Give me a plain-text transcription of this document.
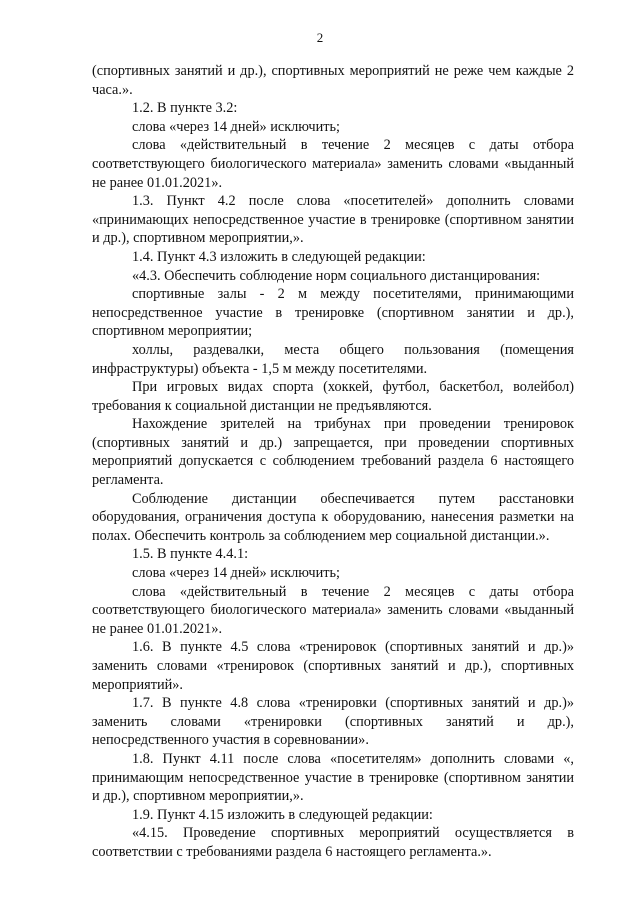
2

(спортивных занятий и др.), спортивных мероприятий не реже чем каждые 2 часа.».

1.2. В пункте 3.2:

слова «через 14 дней» исключить;

слова «действительный в течение 2 месяцев с даты отбора соответствующего биологического материала» заменить словами «выданный не ранее 01.01.2021».

1.3. Пункт 4.2 после слова «посетителей» дополнить словами «принимающих непосредственное участие в тренировке (спортивном занятии и др.), спортивном мероприятии,».

1.4. Пункт 4.3 изложить в следующей редакции:

«4.3. Обеспечить соблюдение норм социального дистанцирования:

спортивные залы - 2 м между посетителями, принимающими непосредственное участие в тренировке (спортивном занятии и др.), спортивном мероприятии;

холлы, раздевалки, места общего пользования (помещения инфраструктуры) объекта - 1,5 м между посетителями.

При игровых видах спорта (хоккей, футбол, баскетбол, волейбол) требования к социальной дистанции не предъявляются.

Нахождение зрителей на трибунах при проведении тренировок (спортивных занятий и др.) запрещается, при проведении спортивных мероприятий допускается с соблюдением требований раздела 6 настоящего регламента.

Соблюдение дистанции обеспечивается путем расстановки оборудования, ограничения доступа к оборудованию, нанесения разметки на полах. Обеспечить контроль за соблюдением мер социальной дистанции.».

1.5. В пункте 4.4.1:

слова «через 14 дней» исключить;

слова «действительный в течение 2 месяцев с даты отбора соответствующего биологического материала» заменить словами «выданный не ранее 01.01.2021».

1.6. В пункте 4.5 слова «тренировок (спортивных занятий и др.)» заменить словами «тренировок (спортивных занятий и др.), спортивных мероприятий».

1.7. В пункте 4.8 слова «тренировки (спортивных занятий и др.)» заменить словами «тренировки (спортивных занятий и др.), непосредственного участия в соревновании».

1.8. Пункт 4.11 после слова «посетителям» дополнить словами «, принимающим непосредственное участие в тренировке (спортивном занятии и др.), спортивном мероприятии,».

1.9. Пункт 4.15 изложить в следующей редакции:

«4.15. Проведение спортивных мероприятий осуществляется в соответствии с требованиями раздела 6 настоящего регламента.».
